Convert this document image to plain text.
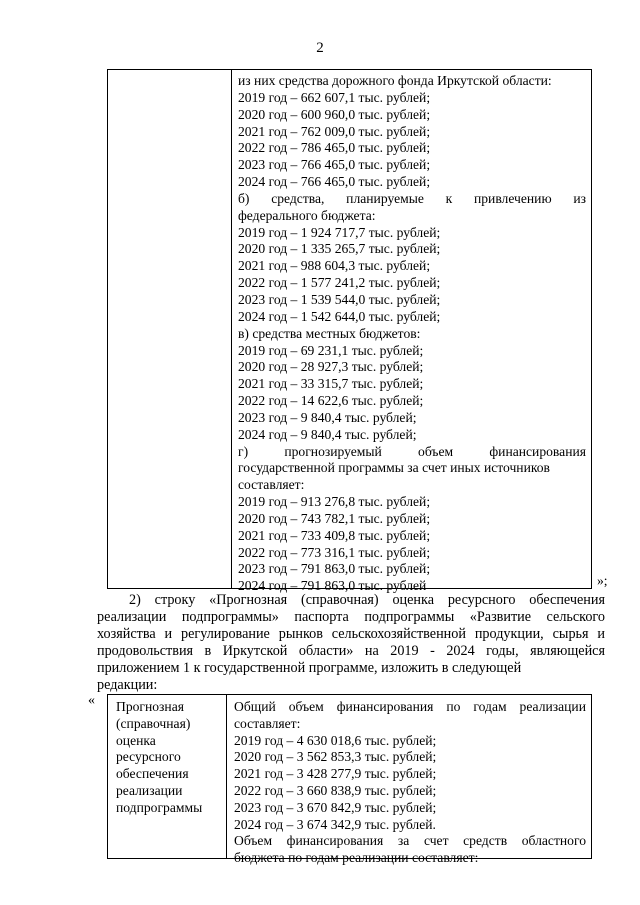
2
из них средства дорожного фонда Иркутской области:
2019 год – 662 607,1 тыс. рублей;
2020 год – 600 960,0 тыс. рублей;
2021 год – 762 009,0 тыс. рублей;
2022 год – 786 465,0 тыс. рублей;
2023 год – 766 465,0 тыс. рублей;
2024 год – 766 465,0 тыс. рублей;
б) средства, планируемые к привлечению из
федерального бюджета:
2019 год – 1 924 717,7 тыс. рублей;
2020 год – 1 335 265,7 тыс. рублей;
2021 год – 988 604,3 тыс. рублей;
2022 год – 1 577 241,2 тыс. рублей;
2023 год – 1 539 544,0 тыс. рублей;
2024 год – 1 542 644,0 тыс. рублей;
в) средства местных бюджетов:
2019 год – 69 231,1 тыс. рублей;
2020 год – 28 927,3 тыс. рублей;
2021 год – 33 315,7 тыс. рублей;
2022 год – 14 622,6 тыс. рублей;
2023 год – 9 840,4 тыс. рублей;
2024 год – 9 840,4 тыс. рублей;
г) прогнозируемый объем финансирования
государственной программы за счет иных источников
составляет:
2019 год – 913 276,8 тыс. рублей;
2020 год – 743 782,1 тыс. рублей;
2021 год – 733 409,8 тыс. рублей;
2022 год – 773 316,1 тыс. рублей;
2023 год – 791 863,0 тыс. рублей;
2024 год – 791 863,0 тыс. рублей	»;

2) строку «Прогнозная (справочная) оценка ресурсного обеспечения реализации подпрограммы» паспорта подпрограммы «Развитие сельского хозяйства и регулирование рынков сельскохозяйственной продукции, сырья и продовольствия в Иркутской области» на 2019 - 2024 годы, являющейся приложением 1 к государственной программе, изложить в следующей

редакции:

« Прогнозная
(справочная)
оценка
ресурсного
обеспечения
реализации
подпрограммы
Общий объем финансирования по годам реализации
составляет:
2019 год – 4 630 018,6 тыс. рублей;
2020 год – 3 562 853,3 тыс. рублей;
2021 год – 3 428 277,9 тыс. рублей;
2022 год – 3 660 838,9 тыс. рублей;
2023 год – 3 670 842,9 тыс. рублей;
2024 год – 3 674 342,9 тыс. рублей.
Объем финансирования за счет средств областного
бюджета по годам реализации составляет:
